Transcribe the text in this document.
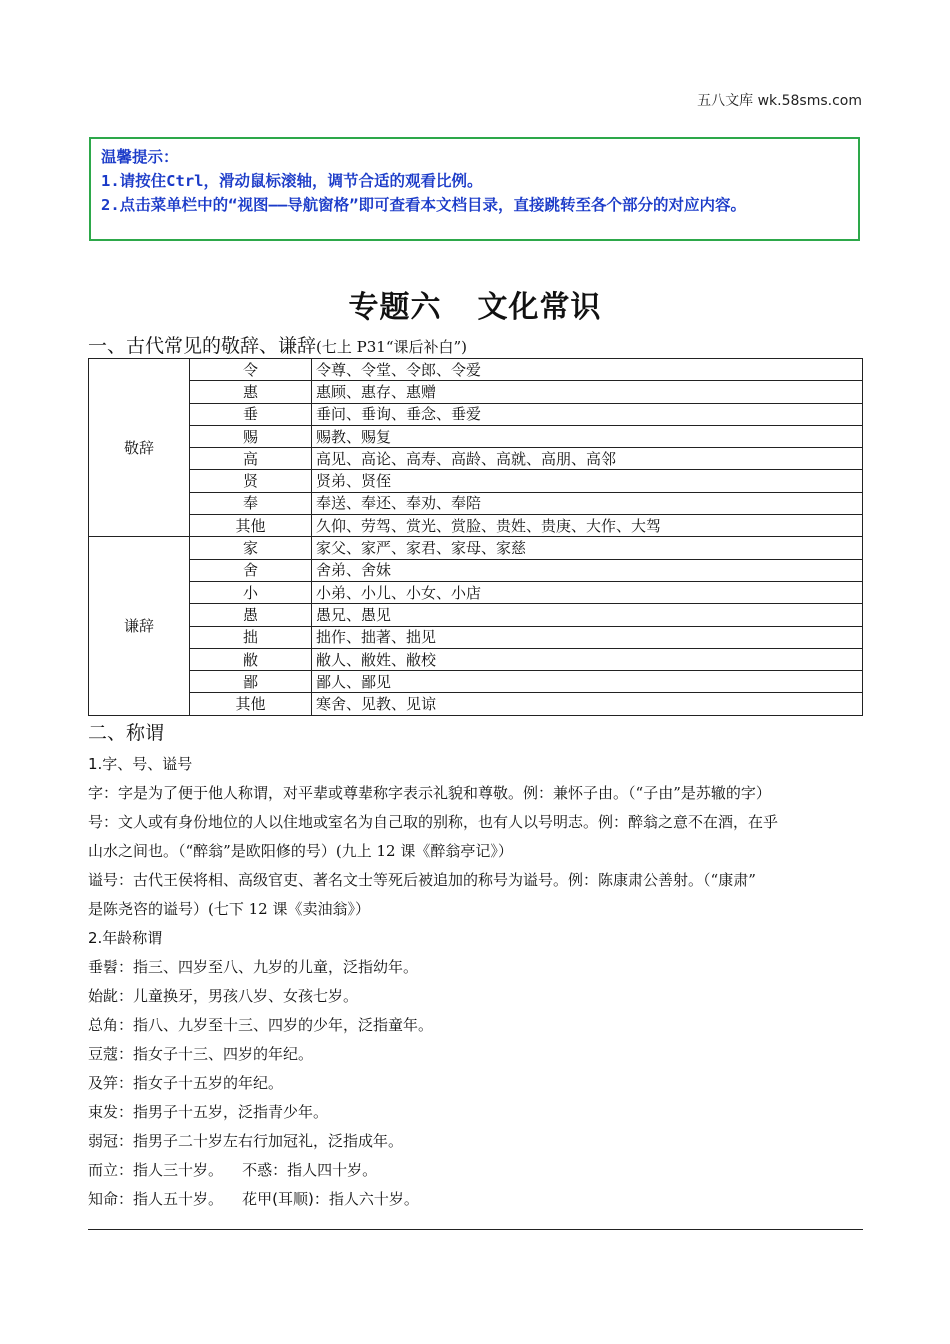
五八文库 wk.58sms.com
温馨提示：
1.请按住Ctrl，滑动鼠标滚轴，调节合适的观看比例。
2.点击菜单栏中的“视图——导航窗格”即可查看本文档目录，直接跳转至各个部分的对应内容。
专题六 文化常识
一、古代常见的敬辞、谦辞(七上 P31“课后补白”)
敬辞	令	令尊、令堂、令郎、令爱
	惠	惠顾、惠存、惠赠
	垂	垂问、垂询、垂念、垂爱
	赐	赐教、赐复
	高	高见、高论、高寿、高龄、高就、高朋、高邻
	贤	贤弟、贤侄
	奉	奉送、奉还、奉劝、奉陪
	其他	久仰、劳驾、赏光、赏脸、贵姓、贵庚、大作、大驾
谦辞	家	家父、家严、家君、家母、家慈
	舍	舍弟、舍妹
	小	小弟、小儿、小女、小店
	愚	愚兄、愚见
	拙	拙作、拙著、拙见
	敝	敝人、敝姓、敝校
	鄙	鄙人、鄙见
	其他	寒舍、见教、见谅
二、称谓
1.字、号、谥号
字：字是为了便于他人称谓，对平辈或尊辈称字表示礼貌和尊敬。例：兼怀子由。（“子由”是苏辙的字）
号：文人或有身份地位的人以住地或室名为自己取的别称，也有人以号明志。例：醉翁之意不在酒，在乎
山水之间也。（“醉翁”是欧阳修的号）(九上 12 课《醉翁亭记》）
谥号：古代王侯将相、高级官吏、著名文士等死后被追加的称号为谥号。例：陈康肃公善射。（“康肃”
是陈尧咨的谥号）(七下 12 课《卖油翁》）
2.年龄称谓
垂髫：指三、四岁至八、九岁的儿童，泛指幼年。
始龀：儿童换牙，男孩八岁、女孩七岁。
总角：指八、九岁至十三、四岁的少年，泛指童年。
豆蔻：指女子十三、四岁的年纪。
及笄：指女子十五岁的年纪。
束发：指男子十五岁，泛指青少年。
弱冠：指男子二十岁左右行加冠礼，泛指成年。
而立：指人三十岁。 不惑：指人四十岁。
知命：指人五十岁。 花甲(耳顺)：指人六十岁。
